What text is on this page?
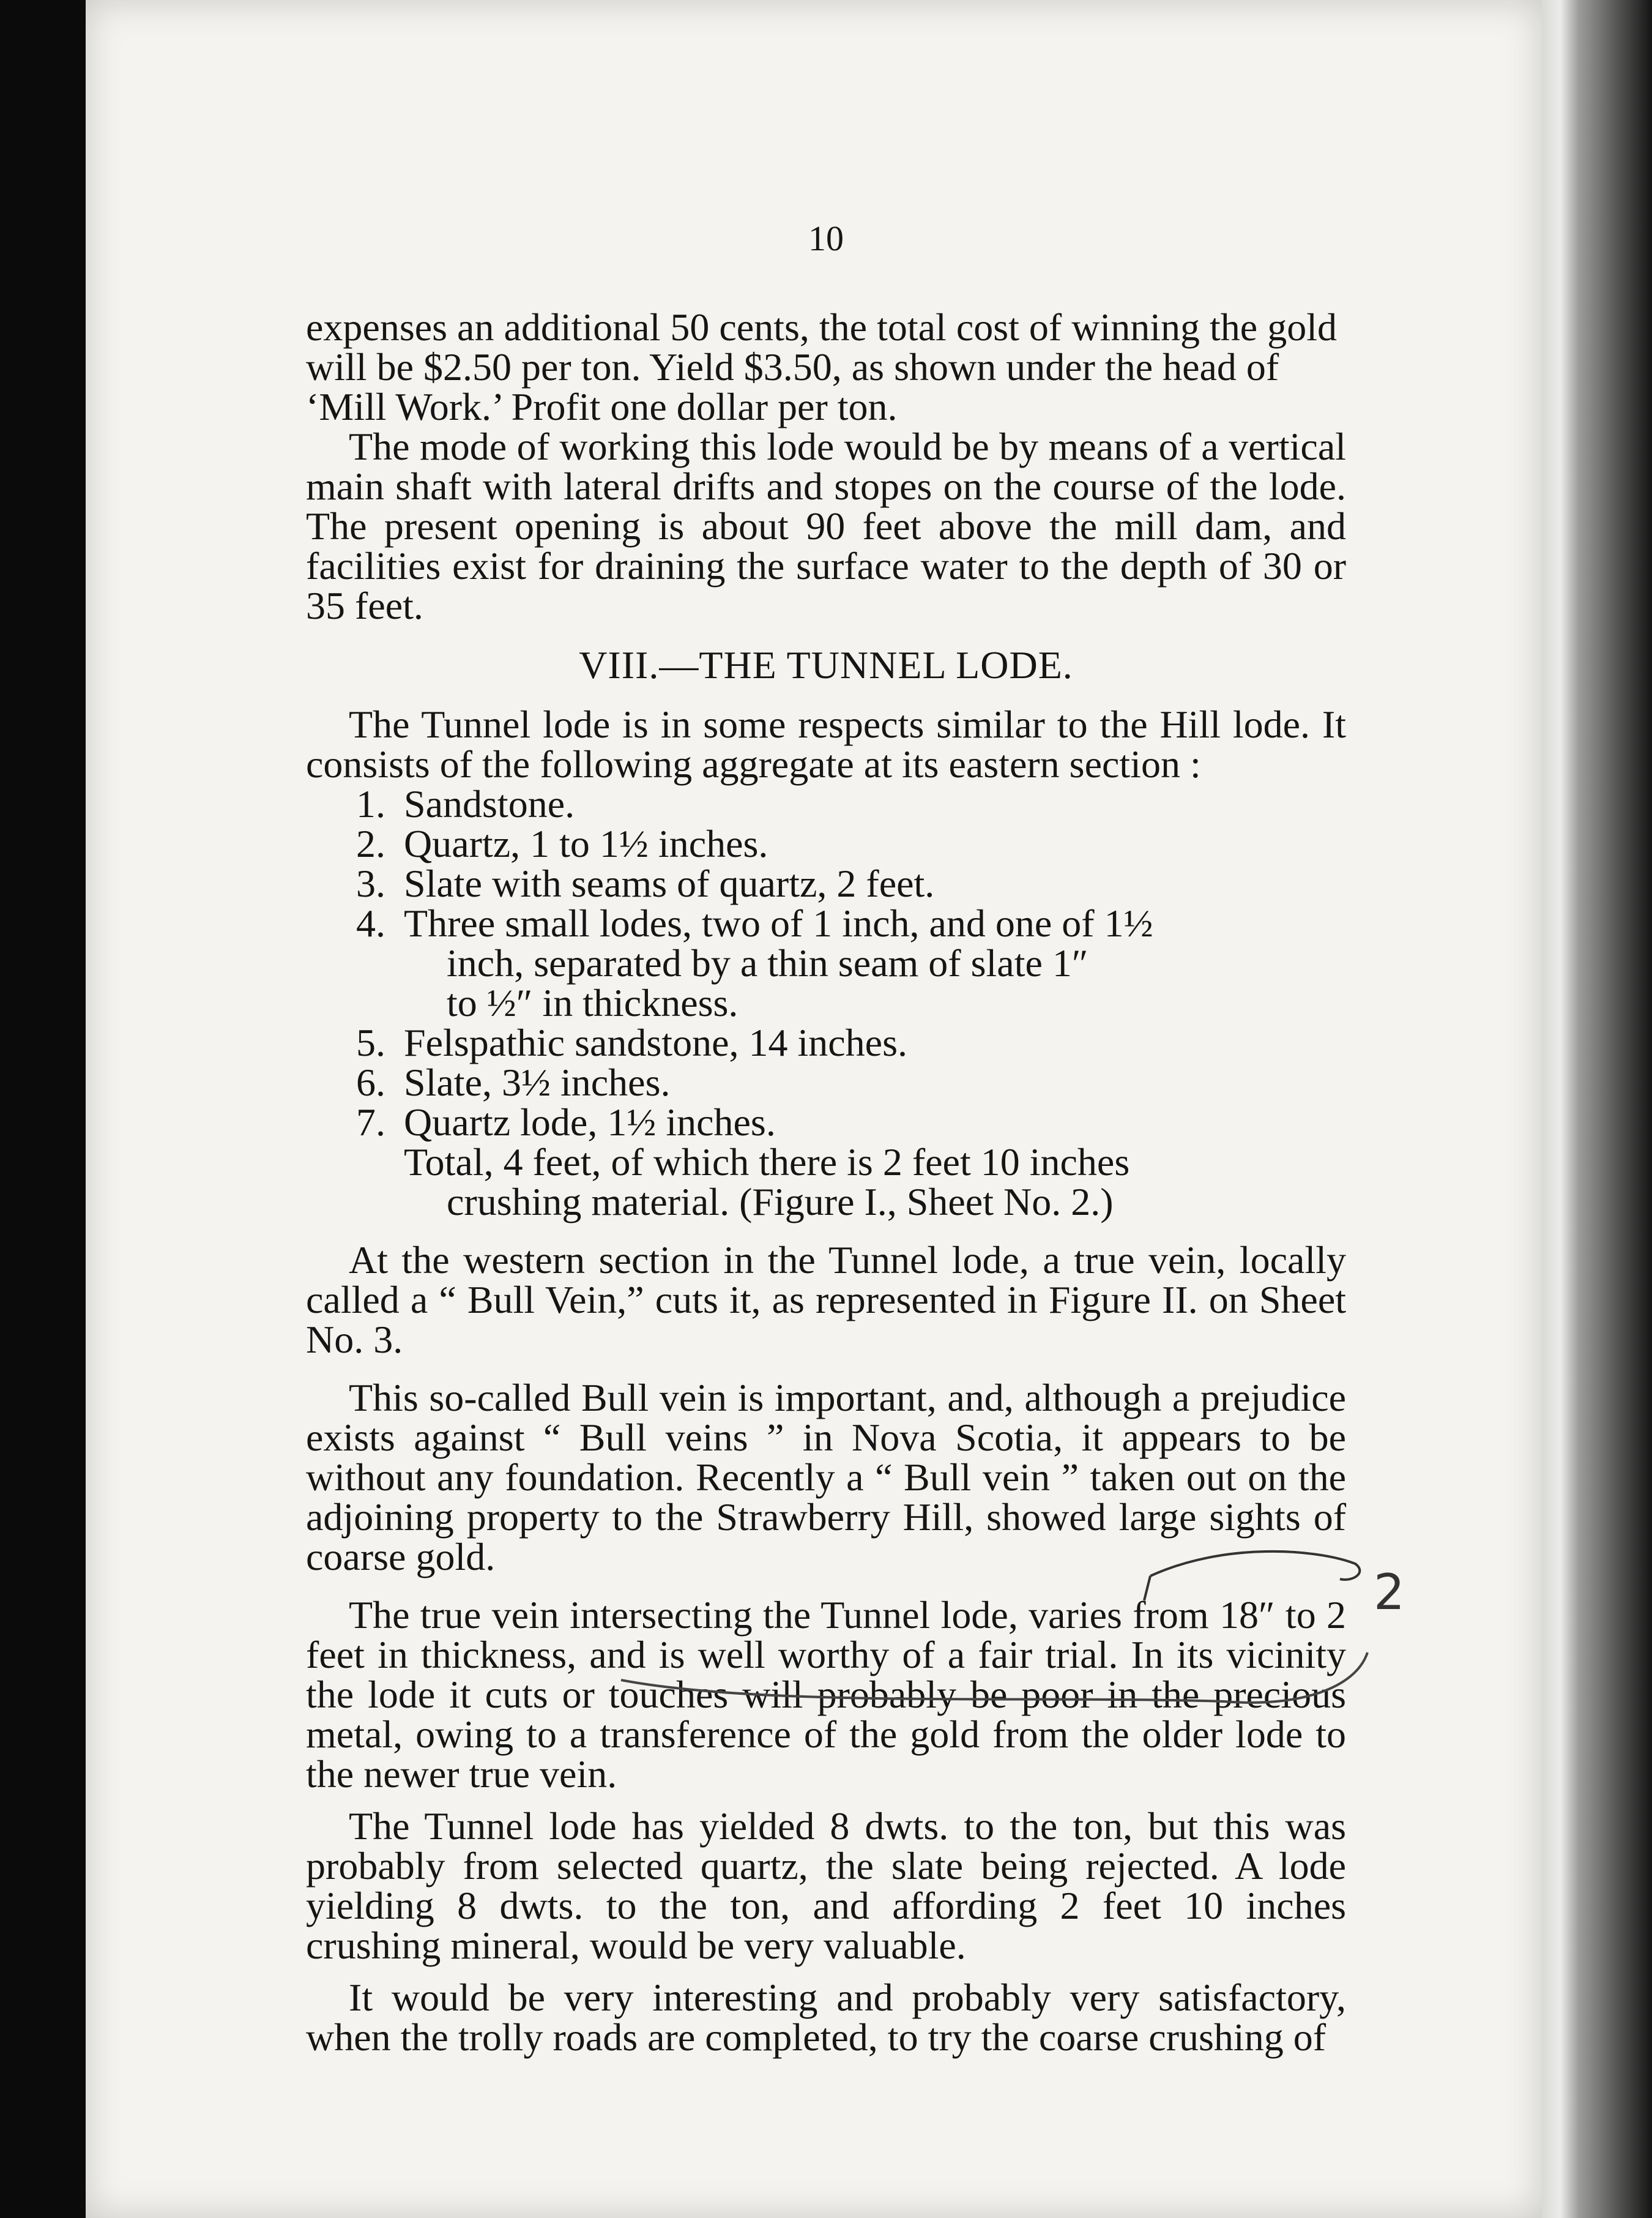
10

expenses an additional 50 cents, the total cost of winning the gold

will be $2.50 per ton. Yield $3.50, as shown under the head of

‘Mill Work.’ Profit one dollar per ton.

The mode of working this lode would be by means of a vertical main shaft with lateral drifts and stopes on the course of the lode. The present opening is about 90 feet above the mill dam, and facilities exist for draining the surface water to the depth of 30 or 35 feet.

VIII.—THE TUNNEL LODE.

The Tunnel lode is in some respects similar to the Hill lode. It consists of the following aggregate at its eastern section :

1. Sandstone.
2. Quartz, 1 to 1½ inches.
3. Slate with seams of quartz, 2 feet.
4. Three small lodes, two of 1 inch, and one of 1½
inch, separated by a thin seam of slate 1″
to ½″ in thickness.
5. Felspathic sandstone, 14 inches.
6. Slate, 3½ inches.
7. Quartz lode, 1½ inches.
Total, 4 feet, of which there is 2 feet 10 inches
crushing material. (Figure I., Sheet No. 2.)

At the western section in the Tunnel lode, a true vein, locally called a “ Bull Vein,” cuts it, as represented in Figure II. on Sheet No. 3.

This so-called Bull vein is important, and, although a prejudice exists against “ Bull veins ” in Nova Scotia, it appears to be without any foundation. Recently a “ Bull vein ” taken out on the adjoining property to the Strawberry Hill, showed large sights of coarse gold.

The true vein intersecting the Tunnel lode, varies from 18″ to 2 feet in thickness, and is well worthy of a fair trial. In its vicinity the lode it cuts or touches will probably be poor in the precious metal, owing to a transference of the gold from the older lode to the newer true vein.

The Tunnel lode has yielded 8 dwts. to the ton, but this was probably from selected quartz, the slate being rejected. A lode yielding 8 dwts. to the ton, and affording 2 feet 10 inches crushing mineral, would be very valuable.

It would be very interesting and probably very satisfactory, when the trolly roads are completed, to try the coarse crushing of

2
